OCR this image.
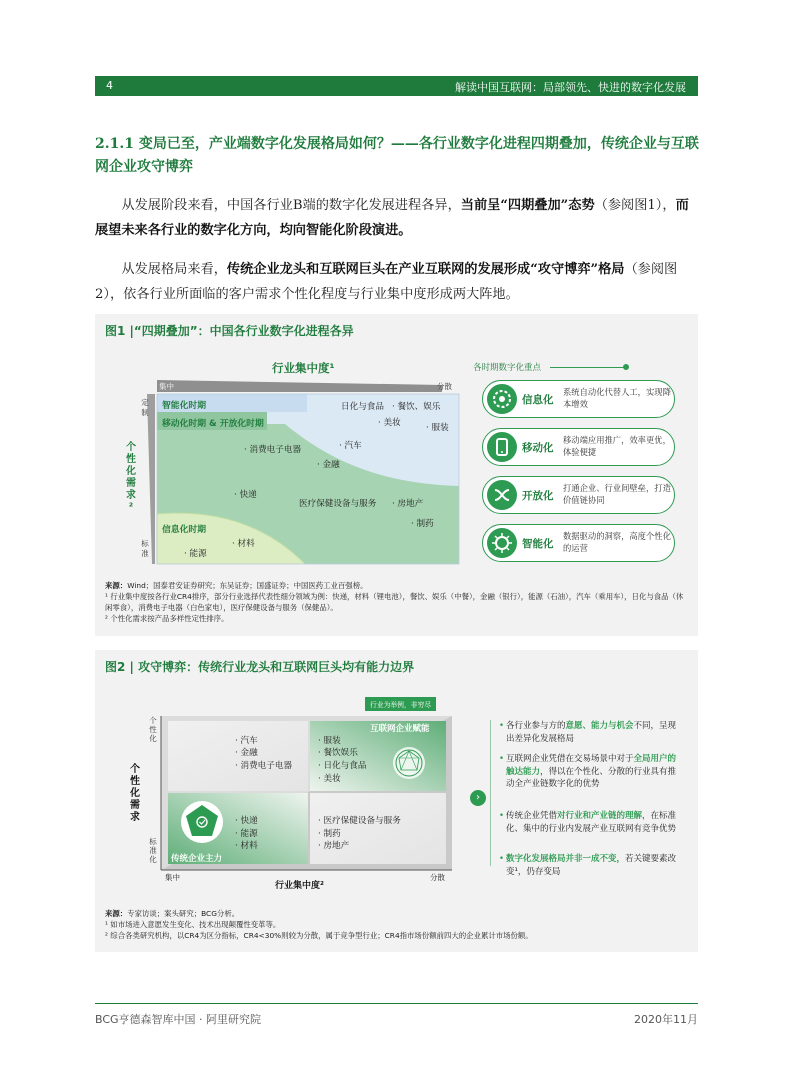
4	解读中国互联网：局部领先、快进的数字化发展
2.1.1 变局已至，产业端数字化发展格局如何？——各行业数字化进程四期叠加，传统企业与互联网企业攻守博弈
从发展阶段来看，中国各行业B端的数字化发展进程各异，当前呈“四期叠加”态势（参阅图1），而展望未来各行业的数字化方向，均向智能化阶段演进。
从发展格局来看，传统企业龙头和互联网巨头在产业互联网的发展形成“攻守博弈”格局（参阅图2），依各行业所面临的客户需求个性化程度与行业集中度形成两大阵地。
图1 |“四期叠加”：中国各行业数字化进程各异
行业集中度¹
集中	分散
定
制
标
准
个
性
化
需
求²
智能化时期
移动化时期 & 开放化时期
信息化时期
日化与食品 · 餐饮、娱乐
· 美妆	· 服装
· 消费电子电器	· 汽车
· 金融
· 快递
医疗保健设备与服务 · 房地产
· 制药
· 材料
· 能源
各时期数字化重点
信息化
系统自动化代替人工，实现降本增效
移动化
移动端应用推广，效率更优，体验便捷
开放化
打通企业、行业间壁垒，打造价值链协同
智能化
数据驱动的洞察，高度个性化的运营
来源：Wind；国泰君安证券研究；东吴证券；国盛证券；中国医药工业百强榜。
¹ 行业集中度按各行业CR4排序，部分行业选择代表性细分领域为例：快递，材料（锂电池），餐饮、娱乐（中餐），金融（银行），能源（石油），汽车（乘用车），日化与食品（休闲零食），消费电子电器（白色家电），医疗保健设备与服务（保健品）。
² 个性化需求按产品多样性定性排序。
图2 | 攻守博弈：传统行业龙头和互联网巨头均有能力边界
行业为举例，非穷尽
个
性
化
标
准
化
个
性
化
需
求
集中	分散
行业集中度²
互联网企业赋能
传统企业主力
· 汽车
· 金融
· 消费电子电器
· 服装
· 餐饮娱乐
· 日化与食品
· 美妆
· 快递
· 能源
· 材料
· 医疗保健设备与服务
· 制药
· 房地产
›
• 各行业参与方的意愿、能力与机会不同，呈现出差异化发展格局
• 互联网企业凭借在交易场景中对于全局用户的触达能力，得以在个性化、分散的行业具有推动全产业链数字化的优势
• 传统企业凭借对行业和产业链的理解，在标准化、集中的行业内发展产业互联网有竞争优势
• 数字化发展格局并非一成不变，若关键要素改变¹，仍存变局
来源：专家访谈；案头研究；BCG分析。
¹ 如市场进入意愿发生变化、技术出现颠覆性变革等。
² 综合各类研究机构，以CR4为区分指标，CR4<30%则较为分散，属于竞争型行业；CR4指市场份额前四大的企业累计市场份额。
BCG亨德森智库中国 · 阿里研究院	2020年11月
